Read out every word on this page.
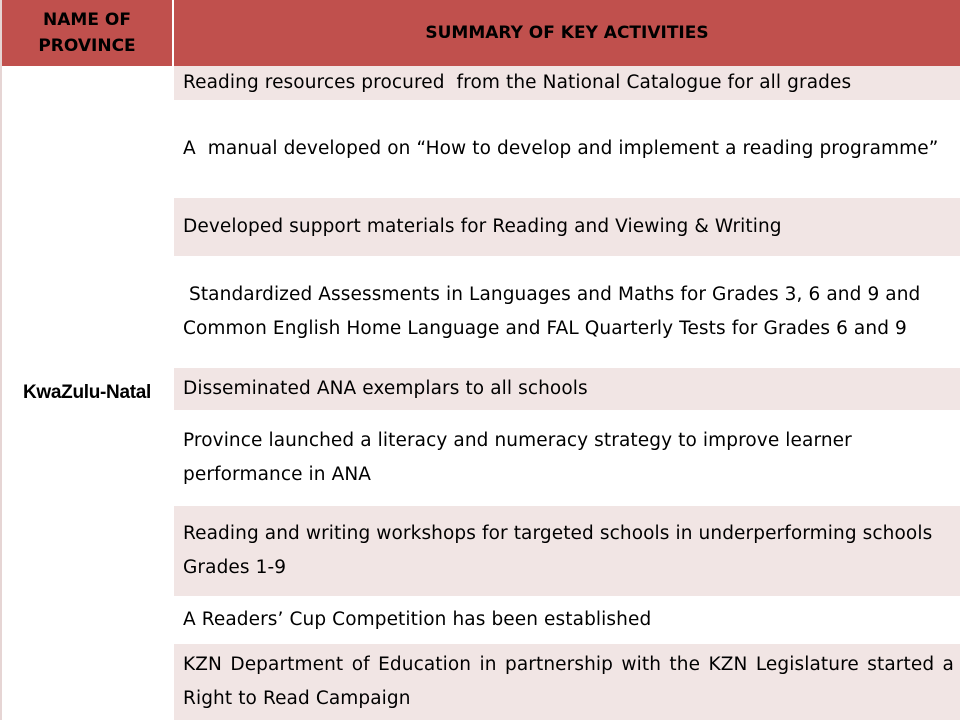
NAME OF PROVINCE
SUMMARY OF KEY ACTIVITIES
KwaZulu-Natal
Reading resources procured  from the National Catalogue for all grades
A  manual developed on “How to develop and implement a reading programme”
Developed support materials for Reading and Viewing & Writing
Standardized Assessments in Languages and Maths for Grades 3, 6 and 9 and Common English Home Language and FAL Quarterly Tests for Grades 6 and 9
Disseminated ANA exemplars to all schools
Province launched a literacy and numeracy strategy to improve learner performance in ANA
Reading and writing workshops for targeted schools in underperforming schools Grades 1-9
A Readers’ Cup Competition has been established
KZN Department of Education in partnership with the KZN Legislature started a Right to Read Campaign
